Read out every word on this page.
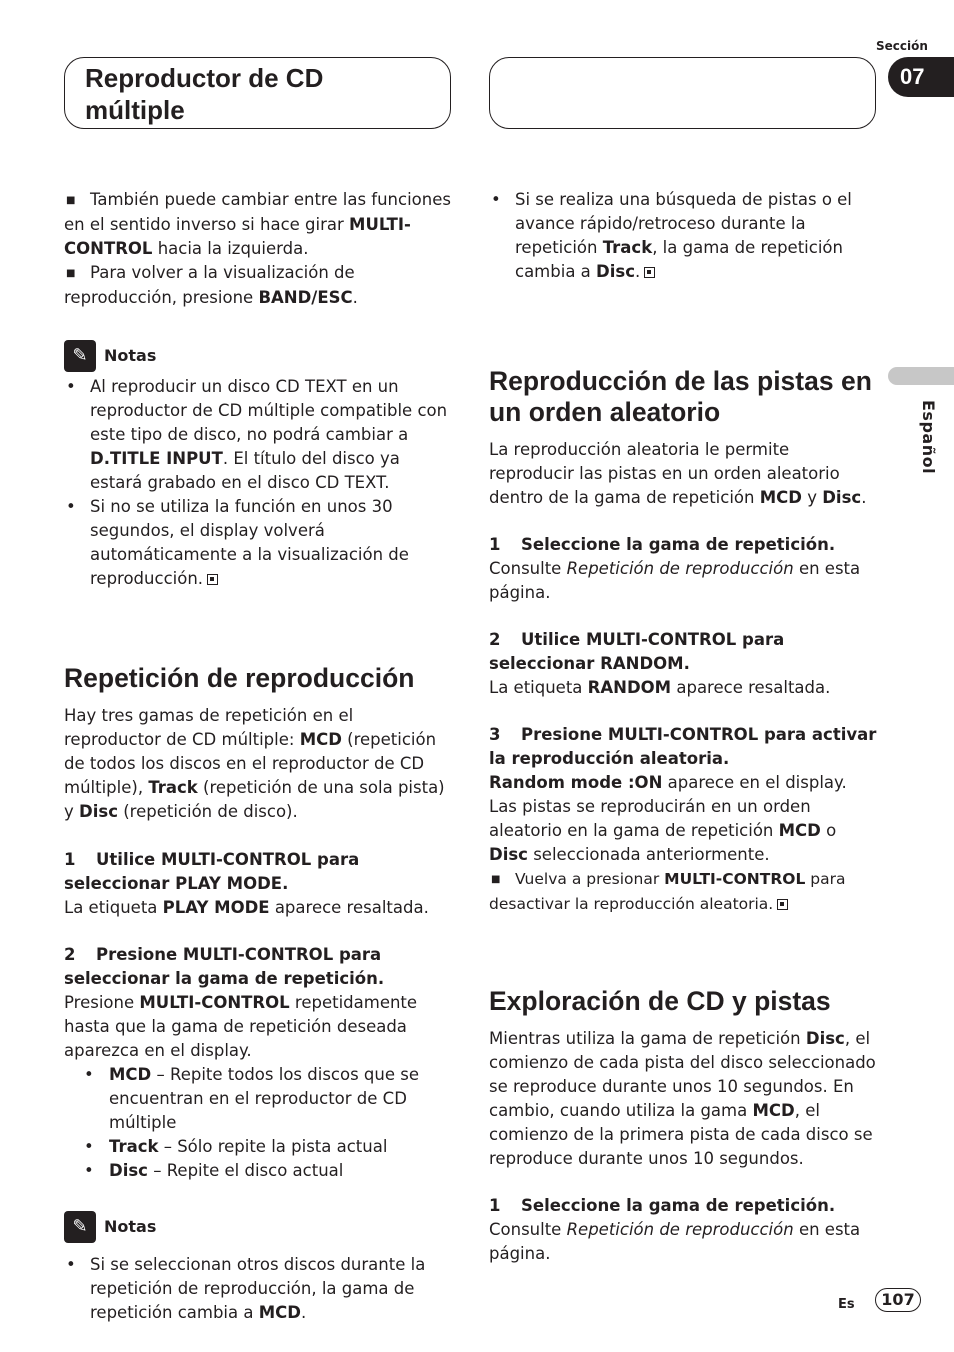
Reproductor de CD múltiple
Sección
07
Español

■ También puede cambiar entre las funciones en el sentido inverso si hace girar MULTI-CONTROL hacia la izquierda.

■ Para volver a la visualización de reproducción, presione BAND/ESC.

✎	Notas

• Al reproducir un disco CD TEXT en un reproductor de CD múltiple compatible con este tipo de disco, no podrá cambiar a D.TITLE INPUT. El título del disco ya estará grabado en el disco CD TEXT.

• Si no se utiliza la función en unos 30 segundos, el display volverá automáticamente a la visualización de reproducción.

Repetición de reproducción

Hay tres gamas de repetición en el reproductor de CD múltiple: MCD (repetición de todos los discos en el reproductor de CD múltiple), Track (repetición de una sola pista) y Disc (repetición de disco).

1 Utilice MULTI-CONTROL para seleccionar PLAY MODE.

La etiqueta PLAY MODE aparece resaltada.

2 Presione MULTI-CONTROL para seleccionar la gama de repetición.

Presione MULTI-CONTROL repetidamente hasta que la gama de repetición deseada aparezca en el display.

• MCD – Repite todos los discos que se encuentran en el reproductor de CD múltiple

• Track – Sólo repite la pista actual

• Disc – Repite el disco actual

✎	Notas

• Si se seleccionan otros discos durante la repetición de reproducción, la gama de repetición cambia a MCD.

• Si se realiza una búsqueda de pistas o el avance rápido/retroceso durante la repetición Track, la gama de repetición cambia a Disc.

Reproducción de las pistas en un orden aleatorio

La reproducción aleatoria le permite reproducir las pistas en un orden aleatorio dentro de la gama de repetición MCD y Disc.

1 Seleccione la gama de repetición.

Consulte Repetición de reproducción en esta página.

2 Utilice MULTI-CONTROL para seleccionar RANDOM.

La etiqueta RANDOM aparece resaltada.

3 Presione MULTI-CONTROL para activar la reproducción aleatoria.

Random mode :ON aparece en el display. Las pistas se reproducirán en un orden aleatorio en la gama de repetición MCD o Disc seleccionada anteriormente.

■ Vuelva a presionar MULTI-CONTROL para desactivar la reproducción aleatoria.

Exploración de CD y pistas

Mientras utiliza la gama de repetición Disc, el comienzo de cada pista del disco seleccionado se reproduce durante unos 10 segundos. En cambio, cuando utiliza la gama MCD, el comienzo de la primera pista de cada disco se reproduce durante unos 10 segundos.

1 Seleccione la gama de repetición.

Consulte Repetición de reproducción en esta página.

Es	107
